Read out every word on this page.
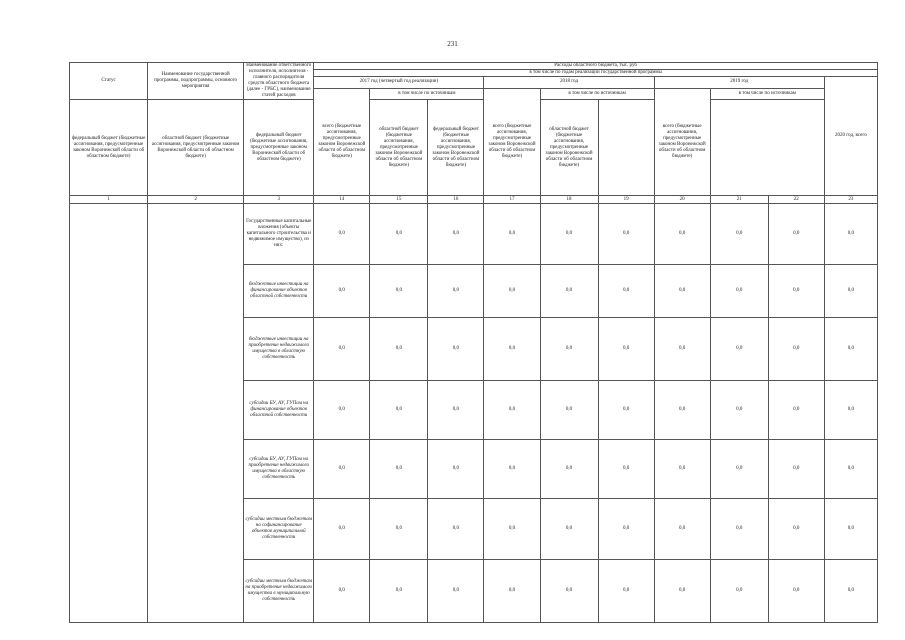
231
Статус	Наименование государственной программы, подпрограммы, основного мероприятия	Наименование ответственного исполнителя, исполнителя - главного распорядителя средств областного бюджета (далее - ГРБС), наименование статей расходов	Расходы областного бюджета, тыс. руб									
			в том числе по годам реализации государственной программы									
			2017 год (четвертый год реализации)			2018 год			2019 год			2020 год, всего
			всего (бюджетные ассигнования, предусмотренные законом Воронежской области об областном бюджете)	в том числе по источникам		всего (бюджетные ассигнования, предусмотренные законом Воронежской области об областном бюджете)	в том числе по источникам		всего (бюджетные ассигнования, предусмотренные законом Воронежской области об областном бюджете)	в том числе по источникам		
федеральный бюджет (бюджетные ассигнования, предусмотренные законом Воронежской области об областном бюджете)	областной бюджет (бюджетные ассигнования, предусмотренные законом Воронежской области об областном бюджете)	федеральный бюджет (бюджетные ассигнования, предусмотренные законом Воронежской области об областном бюджете)		областной бюджет (бюджетные ассигнования, предусмотренные законом Воронежской области об областном бюджете)	федеральный бюджет (бюджетные ассигнования, предусмотренные законом Воронежской области об областном бюджете)		областной бюджет (бюджетные ассигнования, предусмотренные законом Воронежской области об областном бюджете)					
1	2	3	14	15	16	17	18	19	20	21	22	23
		Государственные капитальные вложения (объекты капитального строительства и недвижимое имущество), из них:	0,0	0,0	0,0	0,0	0,0	0,0	0,0	0,0	0,0	0,0
		бюджетные инвестиции на финансирование объектов областной собственности	0,0	0,0	0,0	0,0	0,0	0,0	0,0	0,0	0,0	0,0
		бюджетные инвестиции на приобретение недвижимого имущества в областную собственность	0,0	0,0	0,0	0,0	0,0	0,0	0,0	0,0	0,0	0,0
		субсидии БУ, АУ, ГУПам на финансирование объектов областной собственности	0,0	0,0	0,0	0,0	0,0	0,0	0,0	0,0	0,0	0,0
		субсидии БУ, АУ, ГУПам на приобретение недвижимого имущества в областную собственность	0,0	0,0	0,0	0,0	0,0	0,0	0,0	0,0	0,0	0,0
		субсидии местным бюджетам на софинансирование объектов муниципальной собственности	0,0	0,0	0,0	0,0	0,0	0,0	0,0	0,0	0,0	0,0
		субсидии местным бюджетам на приобретение недвижимого имущества в муниципальную собственность	0,0	0,0	0,0	0,0	0,0	0,0	0,0	0,0	0,0	0,0
